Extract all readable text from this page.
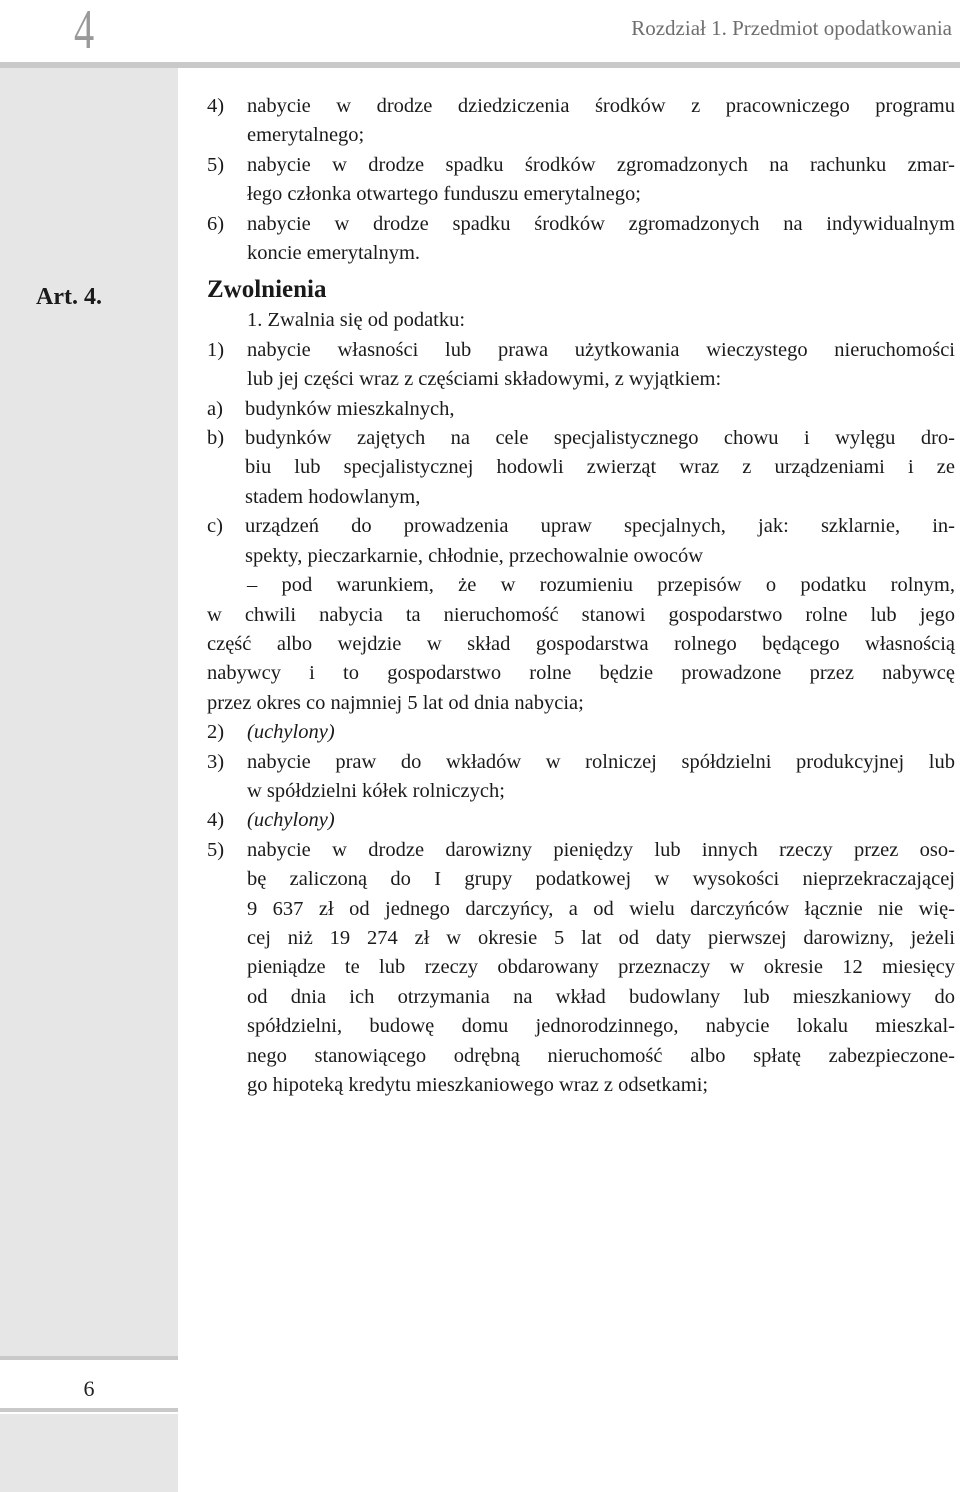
4	Rozdział 1. Przedmiot opodatkowania
6
Art. 4.
4)	nabycie w drodze dziedziczenia środków z pracowniczego programu
emerytalnego;
5)	nabycie w drodze spadku środków zgromadzonych na rachunku zmar-
łego członka otwartego funduszu emerytalnego;
6)	nabycie w drodze spadku środków zgromadzonych na indywidualnym
koncie emerytalnym.
Zwolnienia
1. Zwalnia się od podatku:
1)	nabycie własności lub prawa użytkowania wieczystego nieruchomości
lub jej części wraz z częściami składowymi, z wyjątkiem:
a)	budynków mieszkalnych,
b)	budynków zajętych na cele specjalistycznego chowu i wylęgu dro-
biu lub specjalistycznej hodowli zwierząt wraz z urządzeniami i ze
stadem hodowlanym,
c)	urządzeń do prowadzenia upraw specjalnych, jak: szklarnie, in-
spekty, pieczarkarnie, chłodnie, przechowalnie owoców
– pod warunkiem, że w rozumieniu przepisów o podatku rolnym,
w chwili nabycia ta nieruchomość stanowi gospodarstwo rolne lub jego
część albo wejdzie w skład gospodarstwa rolnego będącego własnością
nabywcy i to gospodarstwo rolne będzie prowadzone przez nabywcę
przez okres co najmniej 5 lat od dnia nabycia;
2)	(uchylony)
3)	nabycie praw do wkładów w rolniczej spółdzielni produkcyjnej lub
w spółdzielni kółek rolniczych;
4)	(uchylony)
5)	nabycie w drodze darowizny pieniędzy lub innych rzeczy przez oso-
bę zaliczoną do I grupy podatkowej w wysokości nieprzekraczającej
9 637 zł od jednego darczyńcy, a od wielu darczyńców łącznie nie wię-
cej niż 19 274 zł w okresie 5 lat od daty pierwszej darowizny, jeżeli
pieniądze te lub rzeczy obdarowany przeznaczy w okresie 12 miesięcy
od dnia ich otrzymania na wkład budowlany lub mieszkaniowy do
spółdzielni, budowę domu jednorodzinnego, nabycie lokalu mieszkal-
nego stanowiącego odrębną nieruchomość albo spłatę zabezpieczone-
go hipoteką kredytu mieszkaniowego wraz z odsetkami;
